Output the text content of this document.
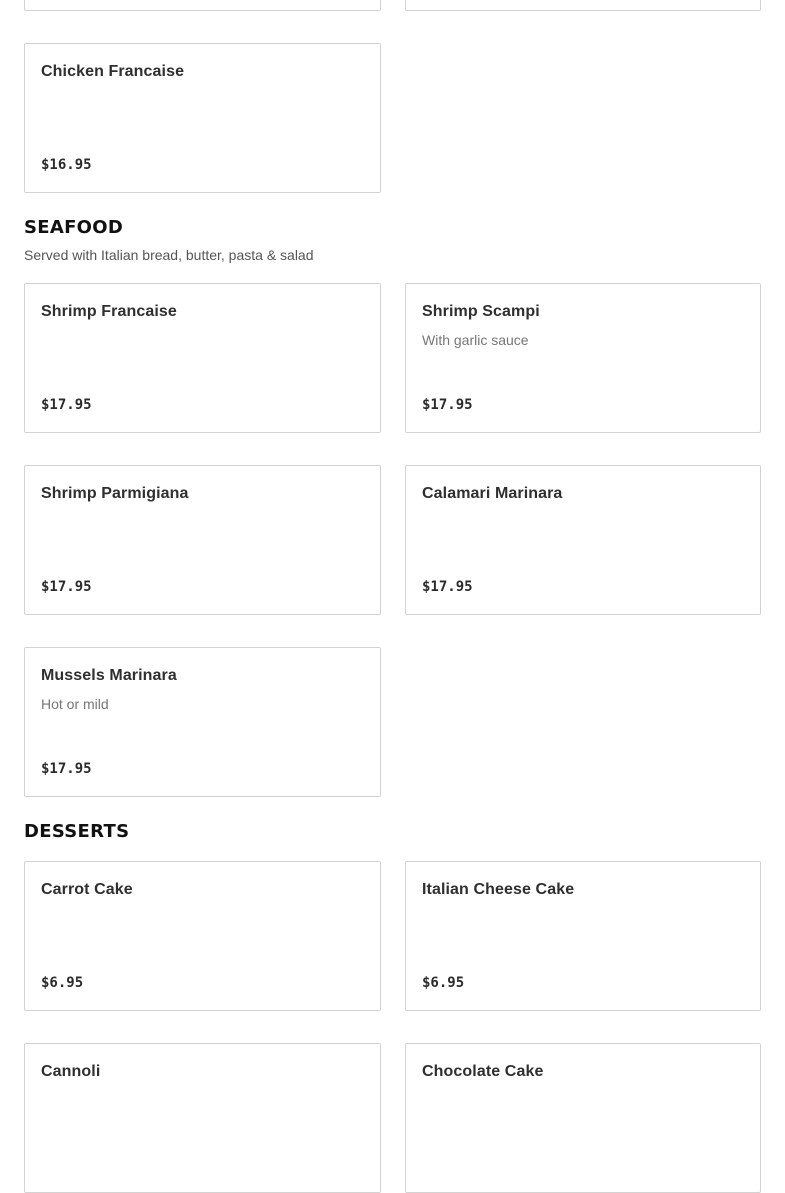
Chicken Francaise
$16.95
SEAFOOD
Served with Italian bread, butter, pasta & salad
Shrimp Francaise
$17.95
Shrimp Scampi
With garlic sauce
$17.95
Shrimp Parmigiana
$17.95
Calamari Marinara
$17.95
Mussels Marinara
Hot or mild
$17.95
DESSERTS
Carrot Cake
$6.95
Italian Cheese Cake
$6.95
Cannoli	Chocolate Cake
